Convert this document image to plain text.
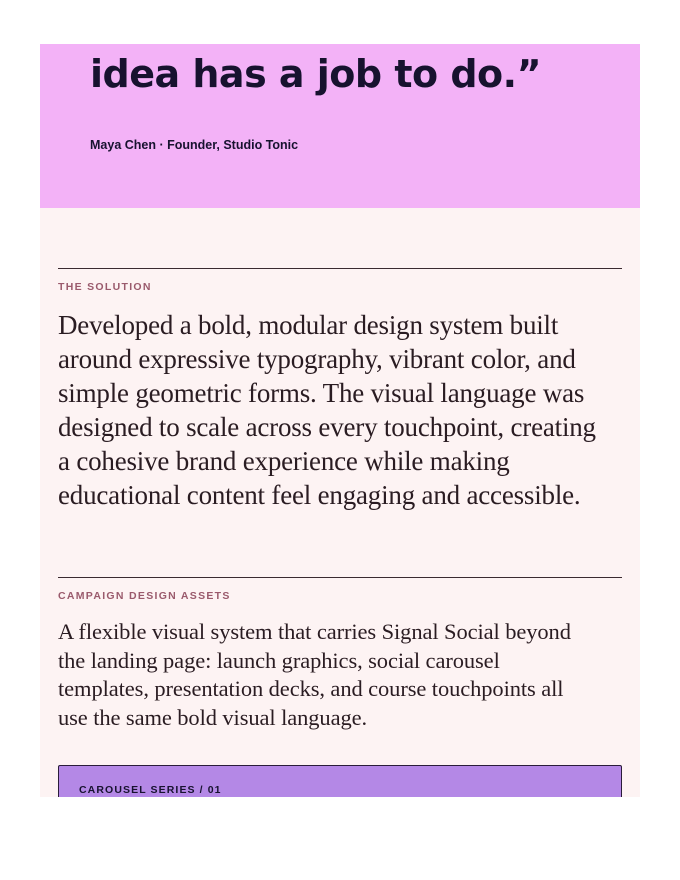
idea has a job to do.”

Maya Chen · Founder, Studio Tonic
THE SOLUTION

Developed a bold, modular design system built around expressive typography, vibrant color, and simple geometric forms. The visual language was designed to scale across every touchpoint, creating a cohesive brand experience while making educational content feel engaging and accessible.

CAMPAIGN DESIGN ASSETS

A flexible visual system that carries Signal Social beyond the landing page: launch graphics, social carousel templates, presentation decks, and course touchpoints all use the same bold visual language.

CAROUSEL SERIES / 01
